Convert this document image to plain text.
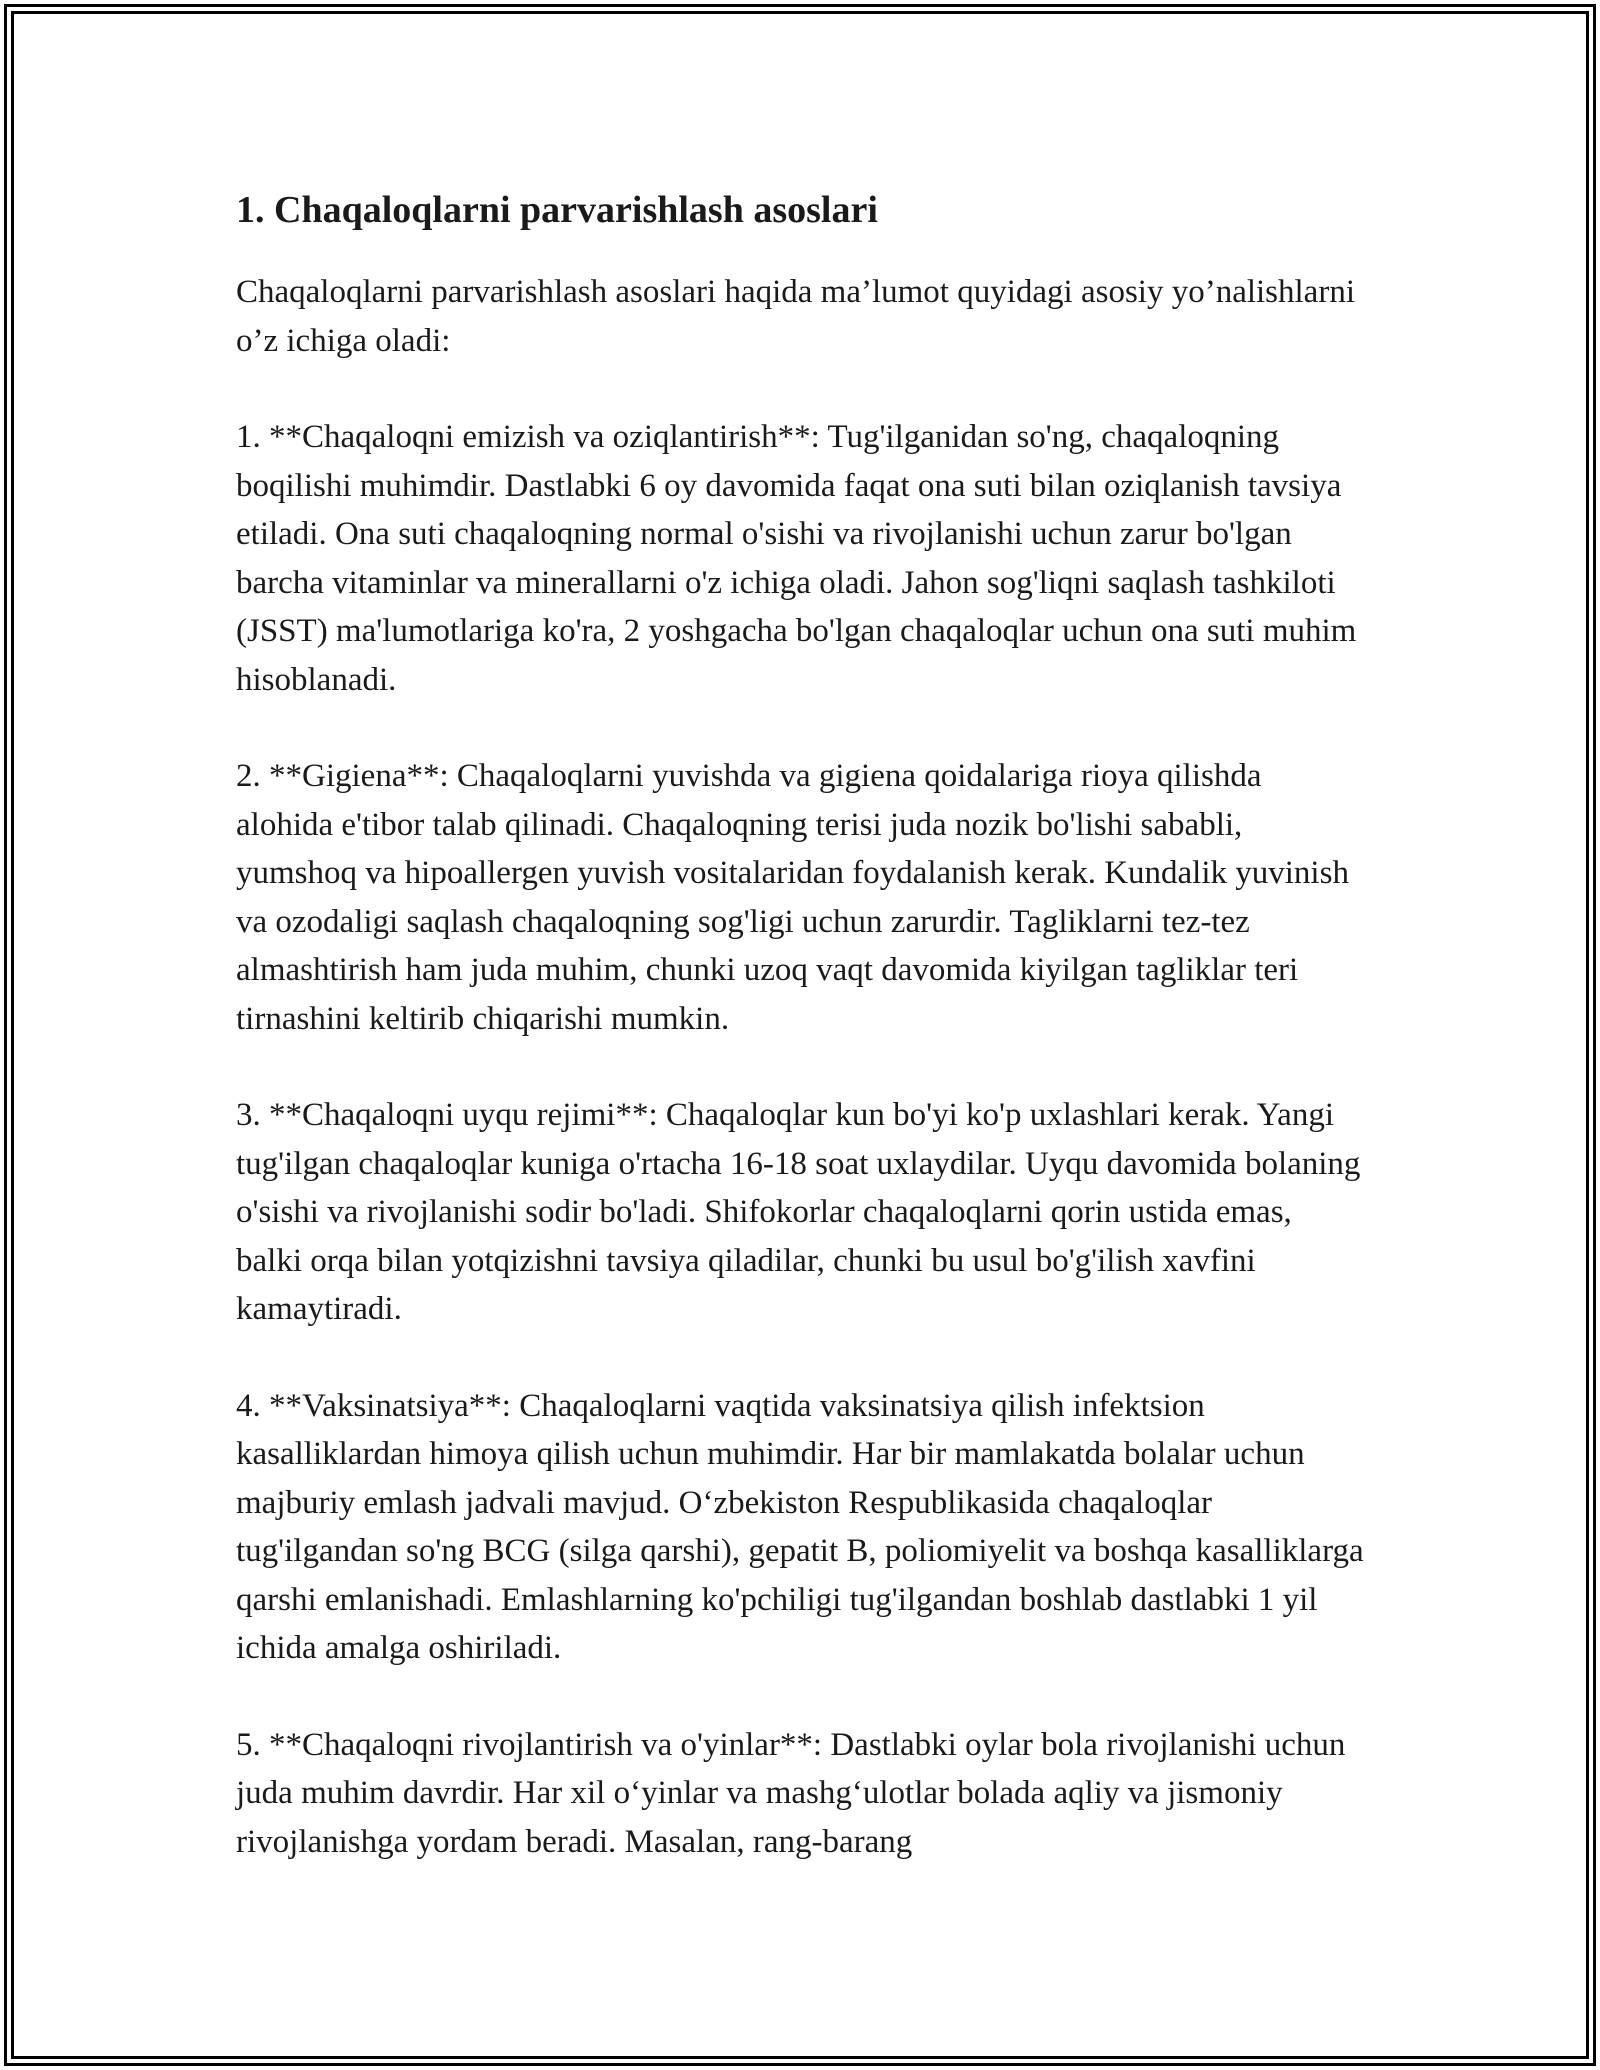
1. Chaqaloqlarni parvarishlash asoslari

Chaqaloqlarni parvarishlash asoslari haqida ma’lumot quyidagi asosiy yo’nalishlarni o’z ichiga oladi:

1. **Chaqaloqni emizish va oziqlantirish**: Tug'ilganidan so'ng, chaqaloqning boqilishi muhimdir. Dastlabki 6 oy davomida faqat ona suti bilan oziqlanish tavsiya etiladi. Ona suti chaqaloqning normal o'sishi va rivojlanishi uchun zarur bo'lgan barcha vitaminlar va minerallarni o'z ichiga oladi. Jahon sog'liqni saqlash tashkiloti (JSST) ma'lumotlariga ko'ra, 2 yoshgacha bo'lgan chaqaloqlar uchun ona suti muhim hisoblanadi.

2. **Gigiena**: Chaqaloqlarni yuvishda va gigiena qoidalariga rioya qilishda alohida e'tibor talab qilinadi. Chaqaloqning terisi juda nozik bo'lishi sababli, yumshoq va hipoallergen yuvish vositalaridan foydalanish kerak. Kundalik yuvinish va ozodaligi saqlash chaqaloqning sog'ligi uchun zarurdir. Tagliklarni tez-tez almashtirish ham juda muhim, chunki uzoq vaqt davomida kiyilgan tagliklar teri tirnashini keltirib chiqarishi mumkin.

3. **Chaqaloqni uyqu rejimi**: Chaqaloqlar kun bo'yi ko'p uxlashlari kerak. Yangi tug'ilgan chaqaloqlar kuniga o'rtacha 16-18 soat uxlaydilar. Uyqu davomida bolaning o'sishi va rivojlanishi sodir bo'ladi. Shifokorlar chaqaloqlarni qorin ustida emas, balki orqa bilan yotqizishni tavsiya qiladilar, chunki bu usul bo'g'ilish xavfini kamaytiradi.

4. **Vaksinatsiya**: Chaqaloqlarni vaqtida vaksinatsiya qilish infektsion kasalliklardan himoya qilish uchun muhimdir. Har bir mamlakatda bolalar uchun majburiy emlash jadvali mavjud. O‘zbekiston Respublikasida chaqaloqlar tug'ilgandan so'ng BCG (silga qarshi), gepatit B, poliomiyelit va boshqa kasalliklarga qarshi emlanishadi. Emlashlarning ko'pchiligi tug'ilgandan boshlab dastlabki 1 yil ichida amalga oshiriladi.

5. **Chaqaloqni rivojlantirish va o'yinlar**: Dastlabki oylar bola rivojlanishi uchun juda muhim davrdir. Har xil o‘yinlar va mashg‘ulotlar bolada aqliy va jismoniy rivojlanishga yordam beradi. Masalan, rang-barang
